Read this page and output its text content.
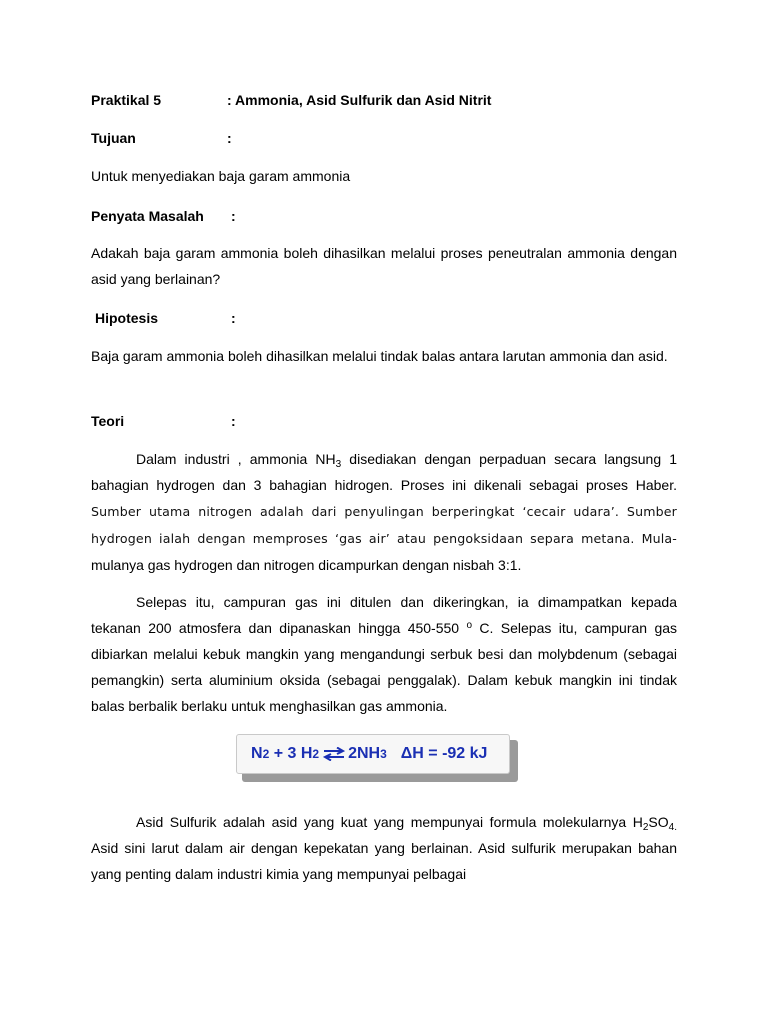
Praktikal 5	: Ammonia, Asid Sulfurik dan Asid Nitrit
Tujuan	:
Untuk menyediakan baja garam ammonia
Penyata Masalah :
Adakah baja garam ammonia boleh dihasilkan melalui proses peneutralan ammonia dengan asid yang berlainan?
Hipotesis	:
Baja garam ammonia boleh dihasilkan melalui tindak balas antara larutan ammonia dan asid.
Teori	:
Dalam industri , ammonia $NH_3$ disediakan dengan perpaduan secara langsung 1 bahagian hydrogen dan 3 bahagian hidrogen. Proses ini dikenali sebagai proses Haber. Sumber utama nitrogen adalah dari penyulingan berperingkat ‘cecair udara’. Sumber hydrogen ialah dengan memproses ‘gas air’ atau pengoksidaan separa metana. Mula- mulanya gas hydrogen dan nitrogen dicampurkan dengan nisbah 3:1.
Selepas itu, campuran gas ini ditulen dan dikeringkan, ia dimampatkan kepada tekanan 200 atmosfera dan dipanaskan hingga 450-550 $^o$ C. Selepas itu, campuran gas dibiarkan melalui kebuk mangkin yang mengandungi serbuk besi dan molybdenum (sebagai pemangkin) serta aluminium oksida (sebagai penggalak). Dalam kebuk mangkin ini tindak balas berbalik berlaku untuk menghasilkan gas ammonia.
N 2 + 3 H 2 ⇌ 2NH 3 ΔH = -92 kJ
Asid Sulfurik adalah asid yang kuat yang mempunyai formula molekularnya $H_2SO_{4.}$ Asid sini larut dalam air dengan kepekatan yang berlainan. Asid sulfurik merupakan bahan yang penting dalam industri kimia yang mempunyai pelbagai
